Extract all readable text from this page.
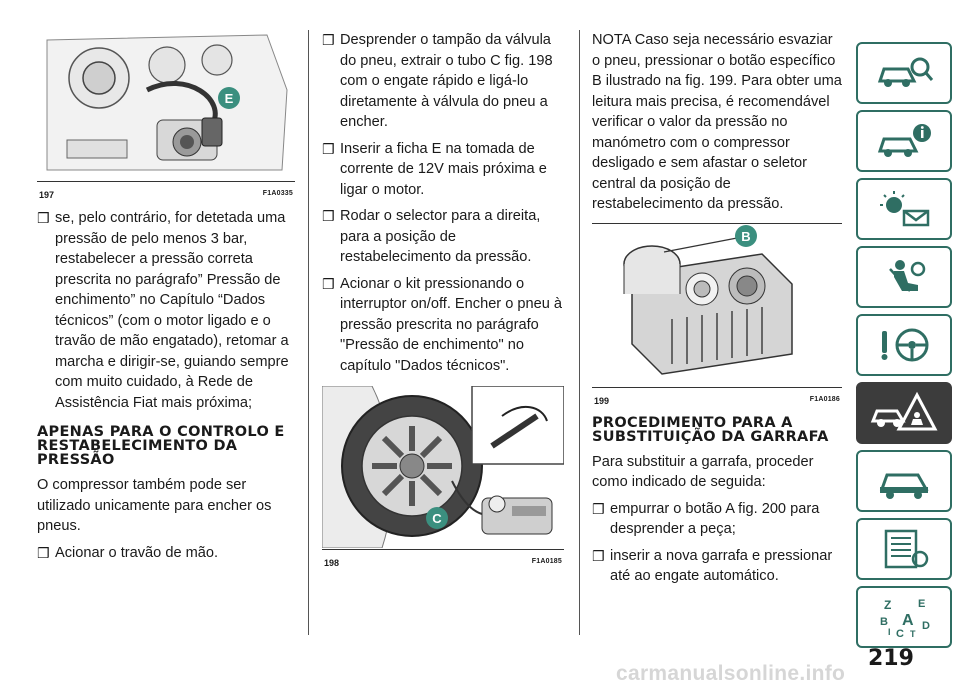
E
197	F1A0335
❒ se, pelo contrário, for detetada uma pressão de pelo menos 3 bar, restabelecer a pressão correta prescrita no parágrafo” Pressão de enchimento” no Capítulo “Dados técnicos” (com o motor ligado e o travão de mão engatado), retomar a marcha e dirigir-se, guiando sempre com muito cuidado, à Rede de Assistência Fiat mais próxima;
APENAS PARA O CONTROLO E RESTABELECIMENTO DA PRESSÃO

O compressor também pode ser utilizado unicamente para encher os pneus.

❒ Acionar o travão de mão.
❒ Desprender o tampão da válvula do pneu, extrair o tubo C fig. 198 com o engate rápido e ligá-lo diretamente à válvula do pneu a encher.
❒ Inserir a ficha E na tomada de corrente de 12V mais próxima e ligar o motor.
❒ Rodar o selector para a direita, para a posição de restabelecimento da pressão.
❒ Acionar o kit pressionando o interruptor on/off. Encher o pneu à pressão prescrita no parágrafo "Pressão de enchimento" no capítulo "Dados técnicos".
C
198	F1A0185

NOTA Caso seja necessário esvaziar o pneu, pressionar o botão específico B ilustrado na fig. 199. Para obter uma leitura mais precisa, é recomendável verificar o valor da pressão no manómetro com o compressor desligado e sem afastar o seletor central da posição de restabelecimento da pressão.

B
199	F1A0186
PROCEDIMENTO PARA A SUBSTITUIÇÃO DA GARRAFA

Para substituir a garrafa, proceder como indicado de seguida:

❒ empurrar o botão A fig. 200 para desprender a peça;
❒ inserir a nova garrafa e pressionar até ao engate automático.
Z E
B A D
C
I T
219
carmanualsonline.info
